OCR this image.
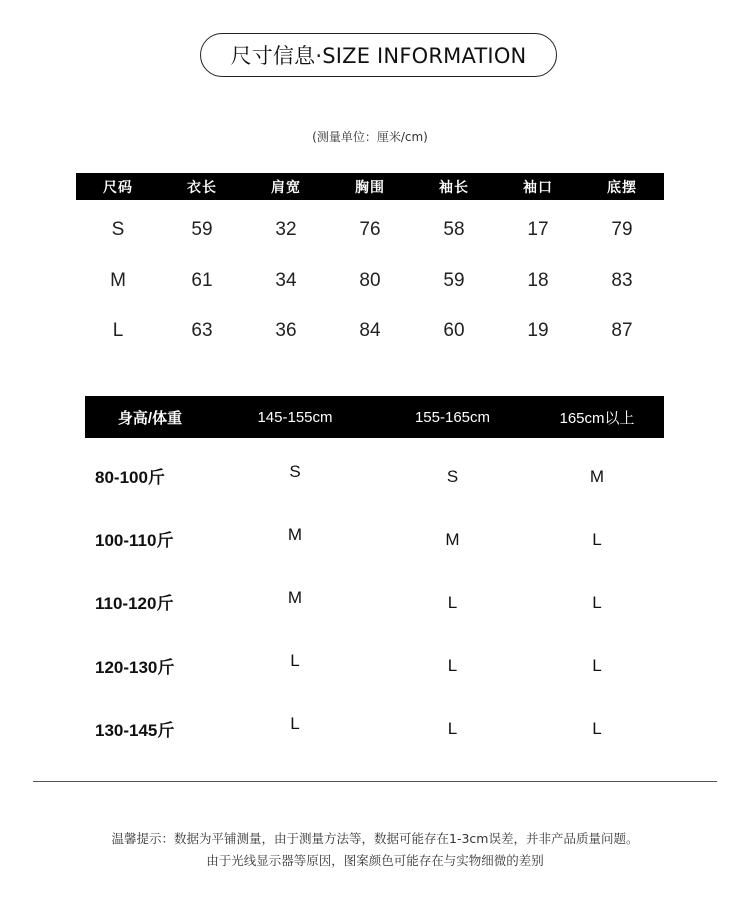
尺寸信息·SIZE INFORMATION
(测量单位：厘米/cm)
尺码	衣长	肩宽	胸围	袖长	袖口	底摆
S	59	32	76	58	17	79
M	61	34	80	59	18	83
L	63	36	84	60	19	87
身高/体重	145-155cm	155-165cm	165cm以上
80-100斤	S	S	M
100-110斤	M	M	L
110-120斤	M	L	L
120-130斤	L	L	L
130-145斤	L	L	L
温馨提示：数据为平铺测量，由于测量方法等，数据可能存在1-3cm误差，并非产品质量问题。
由于光线显示器等原因，图案颜色可能存在与实物细微的差别
